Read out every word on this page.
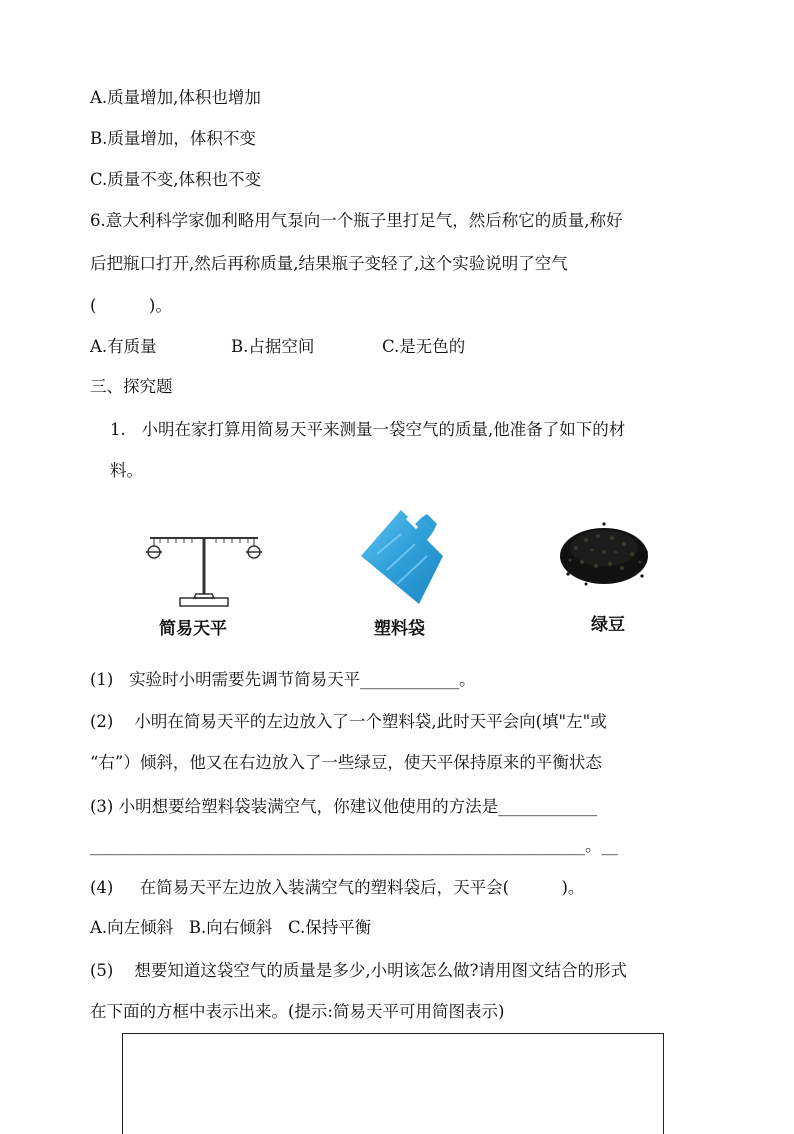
A.质量增加,体积也增加
B.质量增加，体积不变
C.质量不变,体积也不变
6.意大利科学家伽利略用气泵向一个瓶子里打足气，然后称它的质量,称好
后把瓶口打开,然后再称质量,结果瓶子变轻了,这个实验说明了空气
(          )。
A.有质量	B.占据空间	C.是无色的
三、探究题
1.   小明在家打算用简易天平来测量一袋空气的质量,他准备了如下的材
料。
简易天平	塑料袋	绿豆
(1)   实验时小明需要先调节简易天平____________。
(2)    小明在简易天平的左边放入了一个塑料袋,此时天平会向(填"左"或
“右”）倾斜，他又在右边放入了一些绿豆，使天平保持原来的平衡状态
(3) 小明想要给塑料袋装满空气，你建议他使用的方法是____________
____________________________________________________________。__
(4)     在简易天平左边放入装满空气的塑料袋后，天平会(          )。
A.向左倾斜   B.向右倾斜   C.保持平衡
(5)    想要知道这袋空气的质量是多少,小明该怎么做?请用图文结合的形式
在下面的方框中表示出来。(提示:简易天平可用简图表示)
